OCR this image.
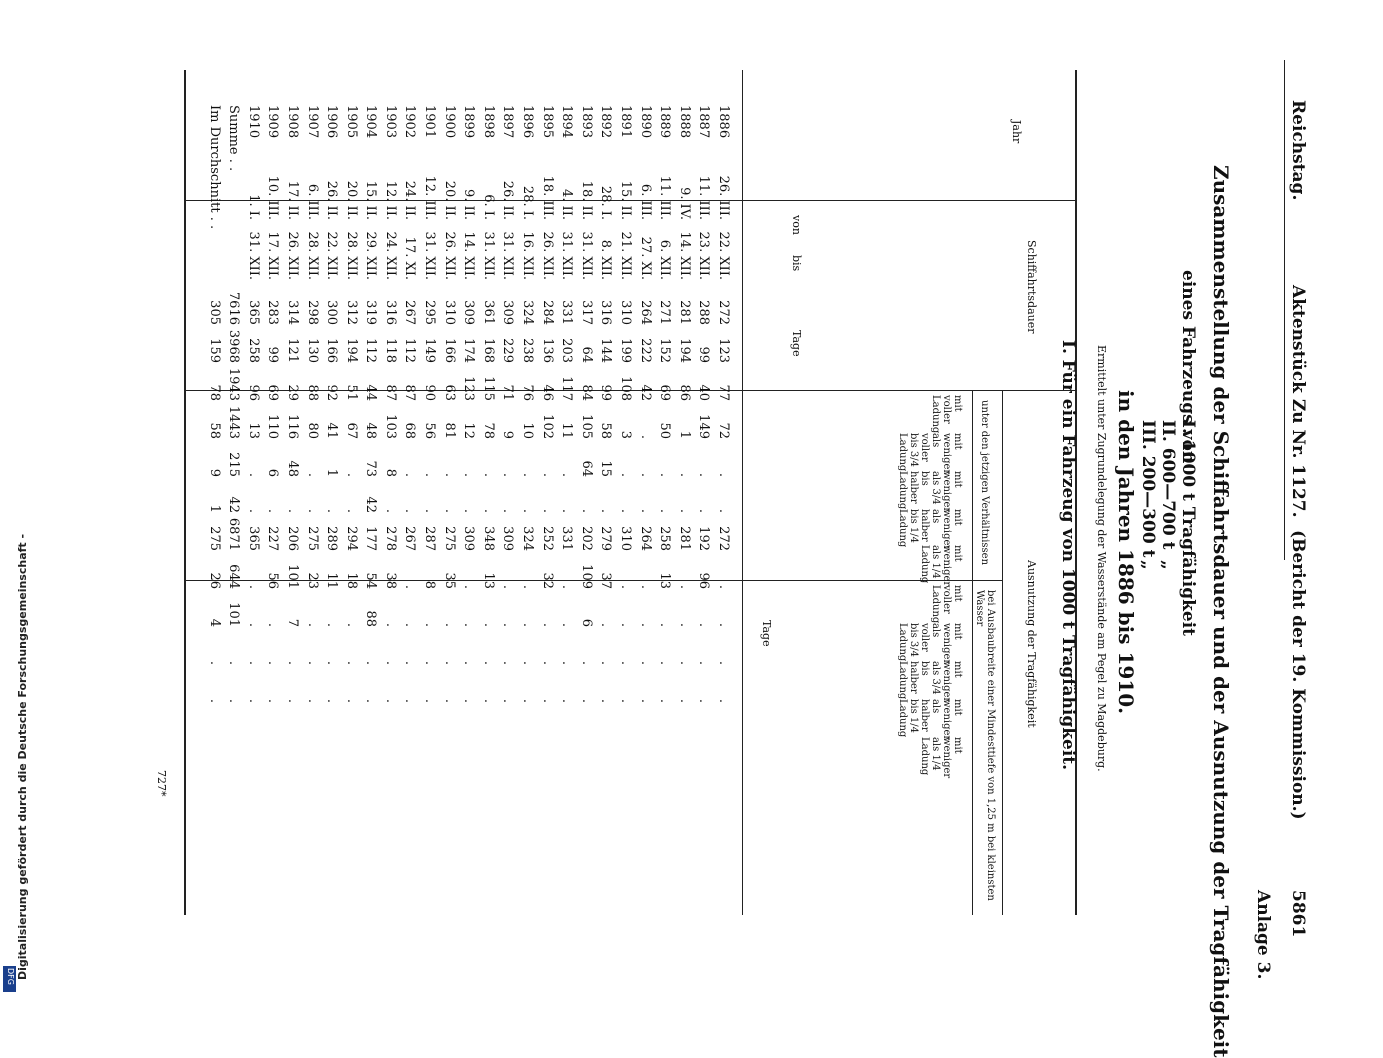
Reichstag.
Aktenstück Zu Nr. 1127.
(Bericht der 19. Kommission.)
5861
Anlage 3.
Zusammenstellung der Schiffahrtsdauer und der Ausnutzung der Tragfähigkeit
eines Fahrzeugs von
I. 1000 t Tragfähigkeit
II. 600—700 t
„
III. 200—300 t
„
in den Jahren 1886 bis 1910.
Ermittelt unter Zugrundelegung der Wasserstände am Pegel zu Magdeburg.
I. Für ein Fahrzeug von 1000 t Tragfähigkeit.
Jahr
Schiffahrtsdauer
von
bis
Tage
Ausnutzung der Tragfähigkeit
unter den jetzigen Verhältnissen
bei Ausbaubreite einer Mindesttiefe von 1,25 m bei kleinsten Wasser
Tage
mit voller Ladung
mit weniger als voller bis 3/4 Ladung
mit weniger als 3/4 bis halber Ladung
mit weniger als halber bis 1/4 Ladung
mit weniger als 1/4 Ladung
mit voller Ladung
mit weniger als voller bis 3/4 Ladung
mit weniger als 3/4 bis halber Ladung
mit weniger als halber bis 1/4 Ladung
mit weniger als 1/4 Ladung
1886	26. III.	22. XII.	272	123	77	72	.	.	272	.	.	.	.
1887	11. III.	23. XII.	288	99	40	149	.	.	192	96	.	.	.
1888	9. IV.	14. XII.	281	194	86	1	.	.	281	.	.	.	.
1889	11. III.	6. XII.	271	152	69	50	.	.	258	13	.	.	.
1890	6. III.	27. XI.	264	222	42	.	.	.	264	.	.	.	.
1891	15. II.	21. XII.	310	199	108	3	.	.	310	.	.	.	.
1892	28. I.	8. XII.	316	144	99	58	15	.	279	37	.	.	.
1893	18. II.	31. XII.	317	64	84	105	64	.	202	109	6	.	.
1894	4. II.	31. XII.	331	203	117	11	.	.	331	.	.	.	.
1895	18. III.	26. XII.	284	136	46	102	.	.	252	32	.	.	.
1896	28. I.	16. XII.	324	238	76	10	.	.	324	.	.	.	.
1897	26. II.	31. XII.	309	229	71	9	.	.	309	.	.	.	.
1898	6. I.	31. XII.	361	168	115	78	.	.	348	13	.	.	.
1899	9. II.	14. XII.	309	174	123	12	.	.	309	.	.	.	.
1900	20. II.	26. XII.	310	166	63	81	.	.	275	35	.	.	.
1901	12. III.	31. XII.	295	149	90	56	.	.	287	8	.	.	.
1902	24. II.	17. XI.	267	112	87	68	.	.	267	.	.	.	.
1903	12. II.	24. XII.	316	118	87	103	8	.	278	38	.	.	.
1904	15. II.	29. XII.	319	112	44	48	73	42	177	54	88	.	.
1905	20. II.	28. XII.	312	194	51	67	.	.	294	18	.	.	.
1906	26. II.	22. XII.	300	166	92	41	1	.	289	11	.	.	.
1907	6. III.	28. XII.	298	130	88	80	.	.	275	23	.	.	.
1908	17. II.	26. XII.	314	121	29	116	48	.	206	101	7	.	.
1909	10. III.	17. XII.	283	99	69	110	6	.	227	56	.	.	.
1910	1. I.	31. XII.	365	258	96	13	.	.	365	.	.	.	.
Summe . .			7616	3968	1943	1443	215	42	6871	644	101	.	.
Im Durchschnitt . .			305	159	78	58	9	1	275	26	4	.	.
727*
Digitalisierung gefördert durch die Deutsche Forschungsgemeinschaft -
DFG
